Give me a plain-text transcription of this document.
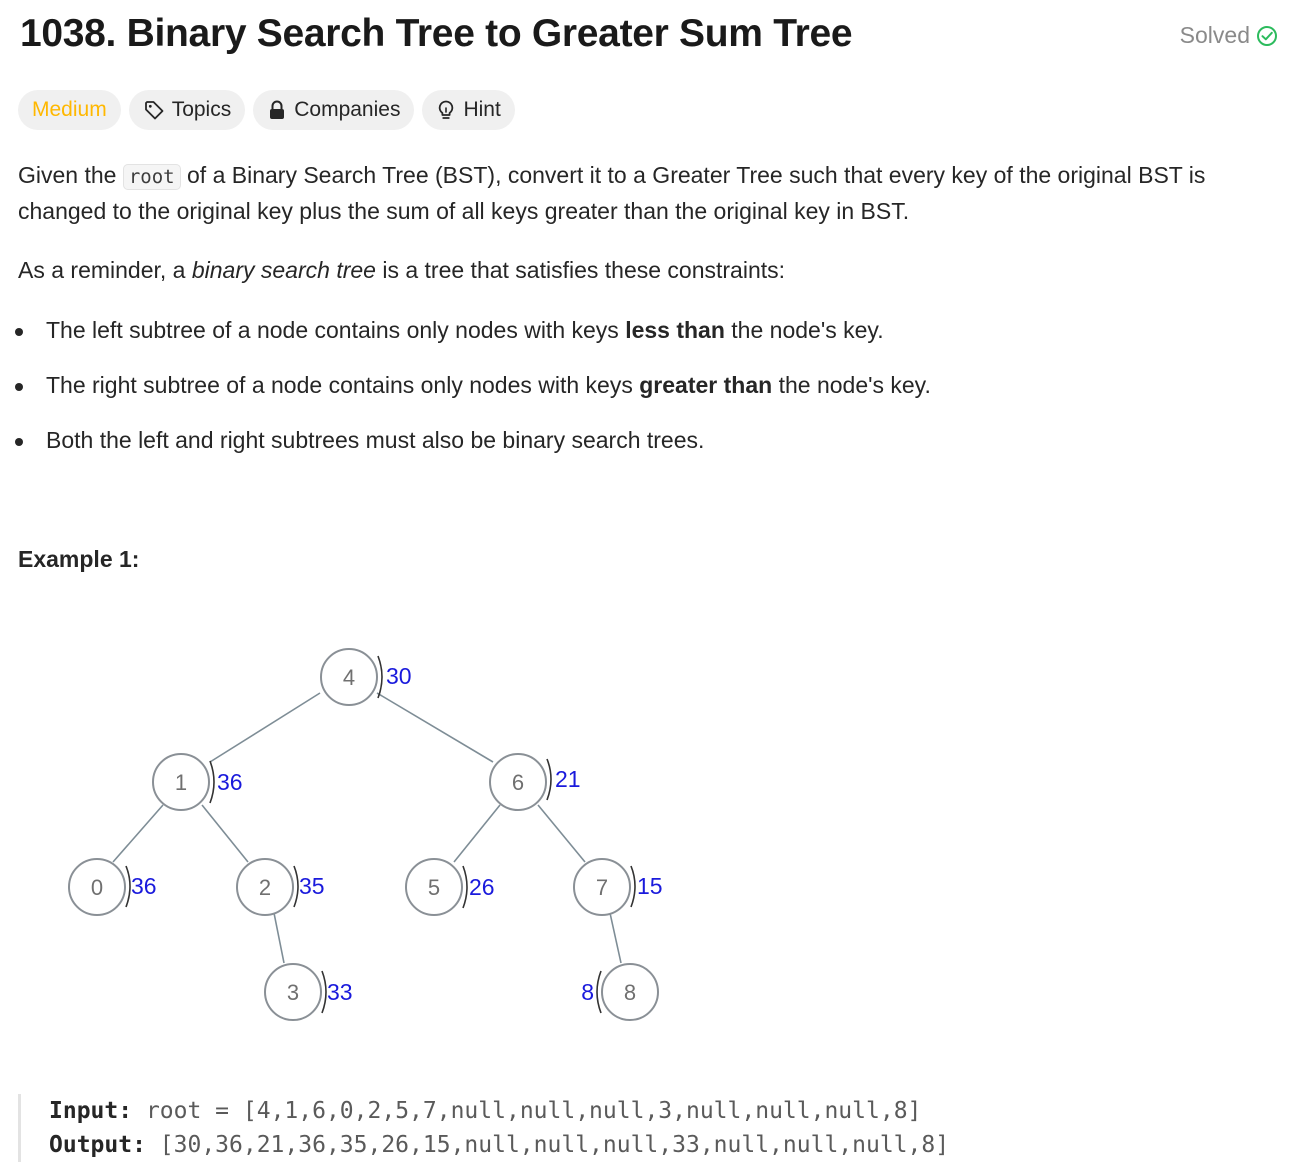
1038. Binary Search Tree to Greater Sum Tree	Solved
Medium	Topics	Companies	Hint

Given the root of a Binary Search Tree (BST), convert it to a Greater Tree such that every key of the original BST is changed to the original key plus the sum of all keys greater than the original key in BST.

As a reminder, a binary search tree is a tree that satisfies these constraints:

The left subtree of a node contains only nodes with keys less than the node's key.
The right subtree of a node contains only nodes with keys greater than the node's key.
Both the left and right subtrees must also be binary search trees.
Example 1:
4 30
1 36	6 21
0 36	2 35	5 26	7 15
3 33	8
8
Input: root = [4,1,6,0,2,5,7,null,null,null,3,null,null,null,8]
Output: [30,36,21,36,35,26,15,null,null,null,33,null,null,null,8]
